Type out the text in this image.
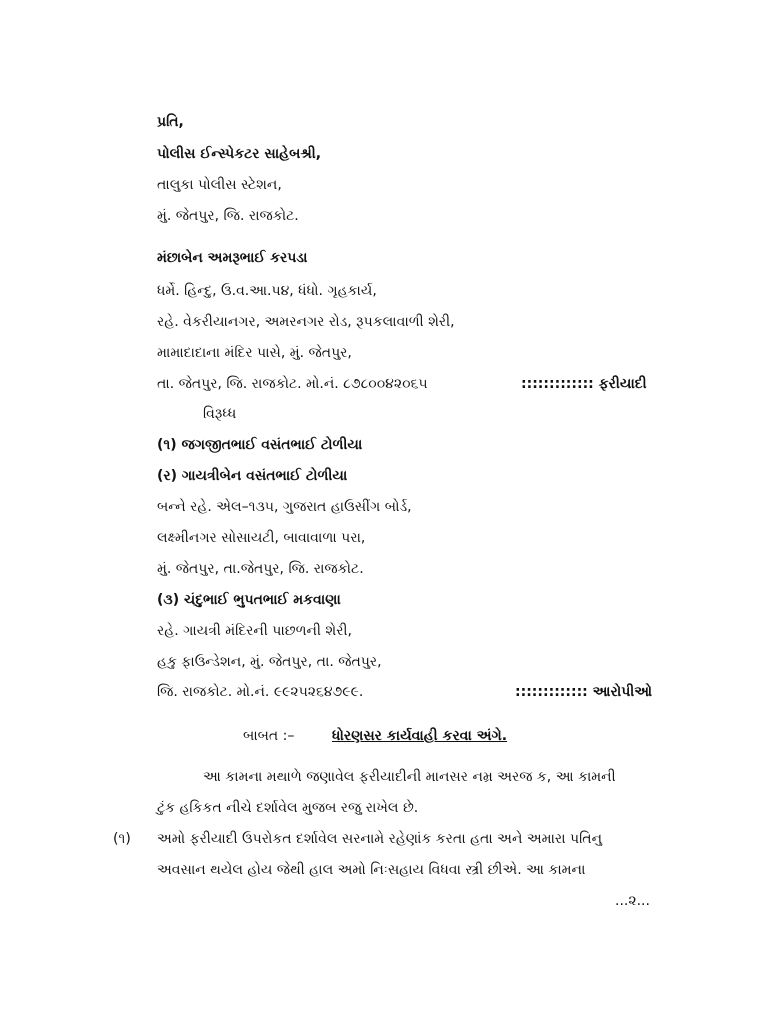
પ્રતિ,
પોલીસ ઈન્સ્પેકટર સાહેબશ્રી,
તાલુકા પોલીસ સ્ટેશન,
મું. જેતપુર, જિ. રાજકોટ.
મંછાબેન અમરૂભાઈ કરપડા
ધર્મે. હિન્દુ, ઉ.વ.આ.પ૪, ધંધો. ગૃહકાર્ય,
રહે. વેકરીયાનગર, અમરનગર રોડ, રૂપકલાવાળી શેરી,
મામાદાદાના મંદિર પાસે, મું. જેતપુર,
તા. જેતપુર, જિ. રાજકોટ. મો.નં. ૮૭૮૦૦૪૨૦૬૫	::::::::::::: ફરીયાદી
વિરૂધ્ધ
(૧) જગજીતભાઈ વસંતભાઈ ટોળીયા
(ર) ગાયત્રીબેન વસંતભાઈ ટોળીયા
બન્ને રહે. એલ–૧૩૫, ગુજરાત હાઉસીંગ બોર્ડ,
લક્ષ્મીનગર સોસાયટી, બાવાવાળા પરા,
મું. જેતપુર, તા.જેતપુર, જિ. રાજકોટ.
(૩) ચંદુભાઈ ભુપતભાઈ મકવાણા
રહે. ગાયત્રી મંદિરની પાછળની શેરી,
હકુ ફાઉન્ડેશન, મું. જેતપુર, તા. જેતપુર,
જિ. રાજકોટ. મો.નં. ૯૯૨૫૨૬૪૭૯૯.	::::::::::::: આરોપીઓ
બાબત :–	ધોરણસર કાર્યવાહી કરવા અંગે.
આ કામના મથાળે જણાવેલ ફરીયાદીની માનસર નમ્ર અરજ ક, આ કામની
ટુંક હકિકત નીચે દર્શાવેલ મુજબ રજુ રાખેલ છે.
(૧) અમો ફરીયાદી ઉપરોકત દર્શાવેલ સરનામે રહેણાંક કરતા હતા અને અમારા પતિનુ
અવસાન થયેલ હોય જેથી હાલ અમો નિઃસહાય વિધવા સ્ત્રી છીએ. આ કામના
...૨...
